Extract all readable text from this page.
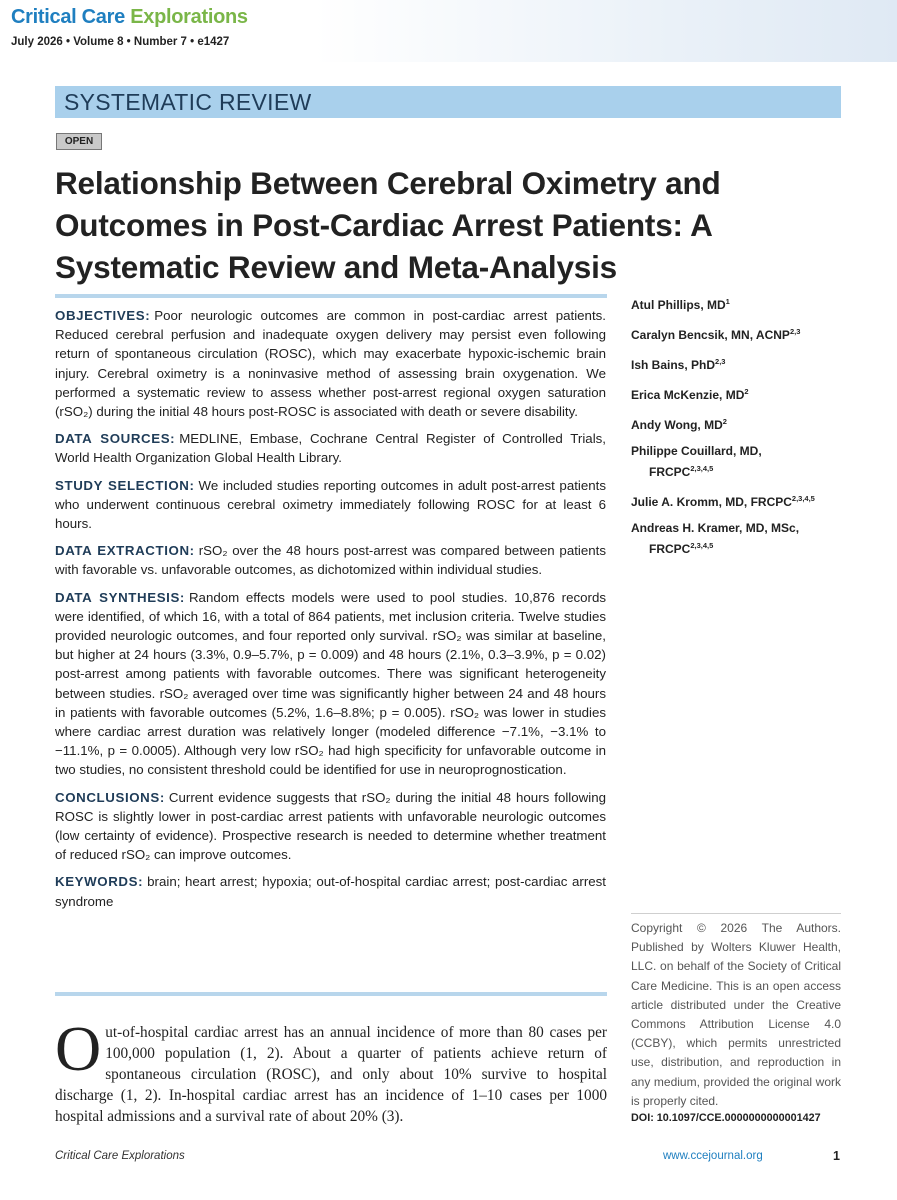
Critical Care Explorations
July 2026 • Volume 8 • Number 7 • e1427
SYSTEMATIC REVIEW
OPEN
Relationship Between Cerebral Oximetry and Outcomes in Post-Cardiac Arrest Patients: A Systematic Review and Meta-Analysis

OBJECTIVES: Poor neurologic outcomes are common in post-cardiac arrest patients. Reduced cerebral perfusion and inadequate oxygen delivery may persist even following return of spontaneous circulation (ROSC), which may exacerbate hypoxic-ischemic brain injury. Cerebral oximetry is a noninvasive method of assessing brain oxygenation. We performed a systematic review to assess whether post-arrest regional oxygen saturation (rSO₂) during the initial 48 hours post-ROSC is associated with death or severe disability.

DATA SOURCES: MEDLINE, Embase, Cochrane Central Register of Controlled Trials, World Health Organization Global Health Library.

STUDY SELECTION: We included studies reporting outcomes in adult post-arrest patients who underwent continuous cerebral oximetry immediately following ROSC for at least 6 hours.

DATA EXTRACTION: rSO₂ over the 48 hours post-arrest was compared between patients with favorable vs. unfavorable outcomes, as dichotomized within individual studies.

DATA SYNTHESIS: Random effects models were used to pool studies. 10,876 records were identified, of which 16, with a total of 864 patients, met inclusion criteria. Twelve studies provided neurologic outcomes, and four reported only survival. rSO₂ was similar at baseline, but higher at 24 hours (3.3%, 0.9–5.7%, p = 0.009) and 48 hours (2.1%, 0.3–3.9%, p = 0.02) post-arrest among patients with favorable outcomes. There was significant heterogeneity between studies. rSO₂ averaged over time was significantly higher between 24 and 48 hours in patients with favorable outcomes (5.2%, 1.6–8.8%; p = 0.005). rSO₂ was lower in studies where cardiac arrest duration was relatively longer (modeled difference −7.1%, −3.1% to −11.1%, p = 0.0005). Although very low rSO₂ had high specificity for unfavorable outcome in two studies, no consistent threshold could be identified for use in neuroprognostication.

CONCLUSIONS: Current evidence suggests that rSO₂ during the initial 48 hours following ROSC is slightly lower in post-cardiac arrest patients with unfavorable neurologic outcomes (low certainty of evidence). Prospective research is needed to determine whether treatment of reduced rSO₂ can improve outcomes.

KEYWORDS: brain; heart arrest; hypoxia; out-of-hospital cardiac arrest; post-cardiac arrest syndrome

Atul Phillips, $MD^1$
Caralyn Bencsik, MN, ACNP$^{2,3}$
Ish Bains, PhD$^{2,3}$
Erica McKenzie, $MD^2$
Andy Wong, $MD^2$
Philippe Couillard, MD,
FRCPC$^{2,3,4,5}$
Julie A. Kromm, MD, FRCPC$^{2,3,4,5}$
Andreas H. Kramer, MD, MSc,
FRCPC$^{2,3,4,5}$
Copyright © 2026 The Authors. Published by Wolters Kluwer Health, LLC. on behalf of the Society of Critical Care Medicine. This is an open access article distributed under the Creative Commons Attribution License 4.0 (CCBY), which permits unrestricted use, distribution, and reproduction in any medium, provided the original work is properly cited.
DOI: 10.1097/CCE.0000000000001427
Out-of-hospital cardiac arrest has an annual incidence of more than 80 cases per 100,000 population (1, 2). About a quarter of patients achieve return of spontaneous circulation (ROSC), and only about 10% survive to hospital discharge (1, 2). In-hospital cardiac arrest has an incidence of 1–10 cases per 1000 hospital admissions and a survival rate of about 20% (3).
Critical Care Explorations	www.ccejournal.org	1
